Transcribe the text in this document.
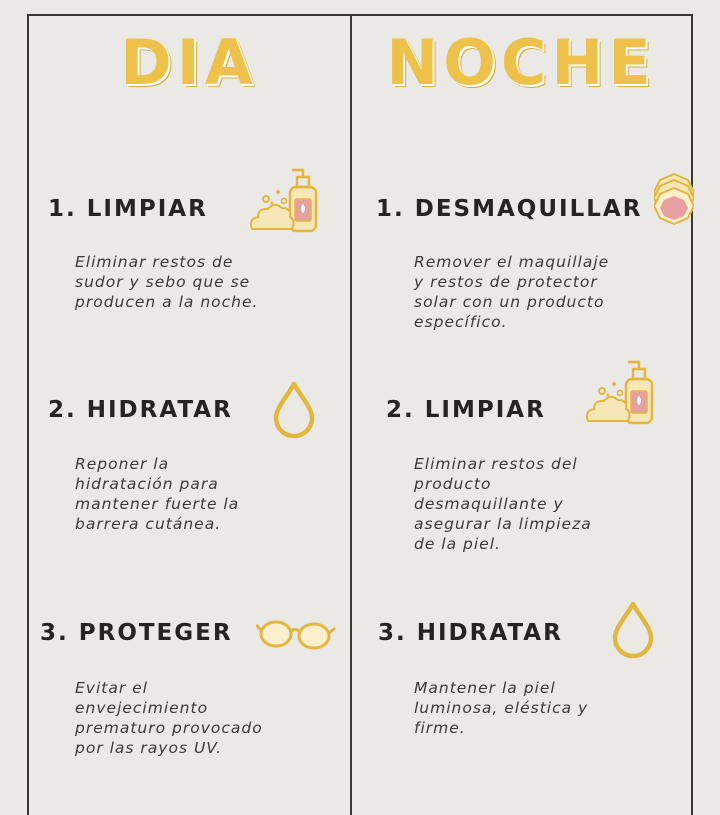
DIA	NOCHE
1. LIMPIAR

Eliminar restos de
sudor y sebo que se
producen a la noche.

2. HIDRATAR

Reponer la
hidratación para
mantener fuerte la
barrera cutánea.

3. PROTEGER

Evitar el
envejecimiento
prematuro provocado
por las rayos UV.

1. DESMAQUILLAR

Remover el maquillaje
y restos de protector
solar con un producto
específico.

2. LIMPIAR

Eliminar restos del
producto
desmaquillante y
asegurar la limpieza
de la piel.

3. HIDRATAR

Mantener la piel
luminosa, eléstica y
firme.
